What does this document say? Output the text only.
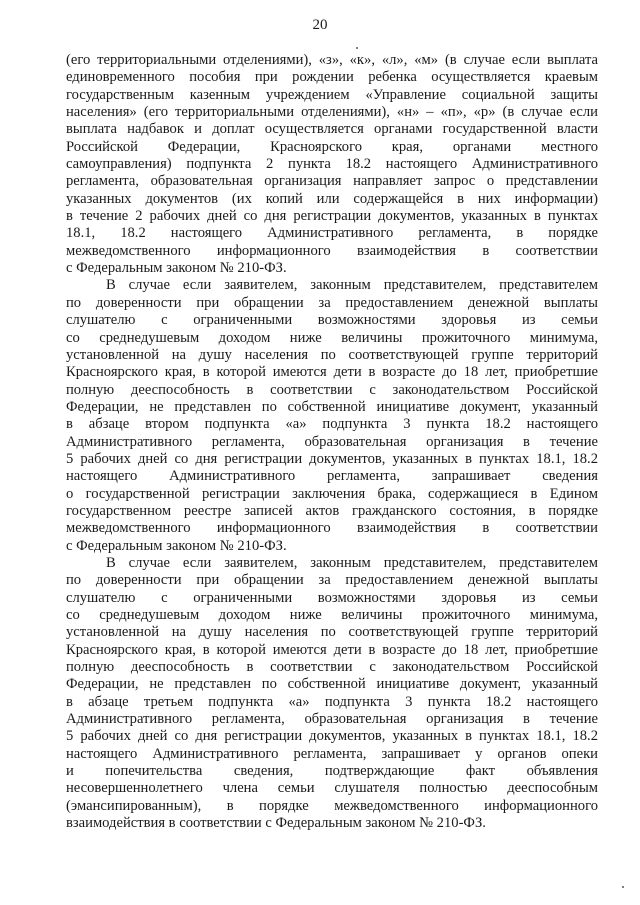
20
(его территориальными отделениями), «з», «к», «л», «м» (в случае если выплата
единовременного пособия при рождении ребенка осуществляется краевым
государственным казенным учреждением «Управление социальной защиты
населения» (его территориальными отделениями), «н» – «п», «р» (в случае если
выплата надбавок и доплат осуществляется органами государственной власти
Российской Федерации, Красноярского края, органами местного
самоуправления) подпункта 2 пункта 18.2 настоящего Административного
регламента, образовательная организация направляет запрос о представлении
указанных документов (их копий или содержащейся в них информации)
в течение 2 рабочих дней со дня регистрации документов, указанных в пунктах
18.1, 18.2 настоящего Административного регламента, в порядке
межведомственного информационного взаимодействия в соответствии
с Федеральным законом № 210-ФЗ.
В случае если заявителем, законным представителем, представителем
по доверенности при обращении за предоставлением денежной выплаты
слушателю с ограниченными возможностями здоровья из семьи
со среднедушевым доходом ниже величины прожиточного минимума,
установленной на душу населения по соответствующей группе территорий
Красноярского края, в которой имеются дети в возрасте до 18 лет, приобретшие
полную дееспособность в соответствии с законодательством Российской
Федерации, не представлен по собственной инициативе документ, указанный
в абзаце втором подпункта «а» подпункта 3 пункта 18.2 настоящего
Административного регламента, образовательная организация в течение
5 рабочих дней со дня регистрации документов, указанных в пунктах 18.1, 18.2
настоящего Административного регламента, запрашивает сведения
о государственной регистрации заключения брака, содержащиеся в Едином
государственном реестре записей актов гражданского состояния, в порядке
межведомственного информационного взаимодействия в соответствии
с Федеральным законом № 210-ФЗ.
В случае если заявителем, законным представителем, представителем
по доверенности при обращении за предоставлением денежной выплаты
слушателю с ограниченными возможностями здоровья из семьи
со среднедушевым доходом ниже величины прожиточного минимума,
установленной на душу населения по соответствующей группе территорий
Красноярского края, в которой имеются дети в возрасте до 18 лет, приобретшие
полную дееспособность в соответствии с законодательством Российской
Федерации, не представлен по собственной инициативе документ, указанный
в абзаце третьем подпункта «а» подпункта 3 пункта 18.2 настоящего
Административного регламента, образовательная организация в течение
5 рабочих дней со дня регистрации документов, указанных в пунктах 18.1, 18.2
настоящего Административного регламента, запрашивает у органов опеки
и попечительства сведения, подтверждающие факт объявления
несовершеннолетнего члена семьи слушателя полностью дееспособным
(эмансипированным), в порядке межведомственного информационного
взаимодействия в соответствии с Федеральным законом № 210-ФЗ.
